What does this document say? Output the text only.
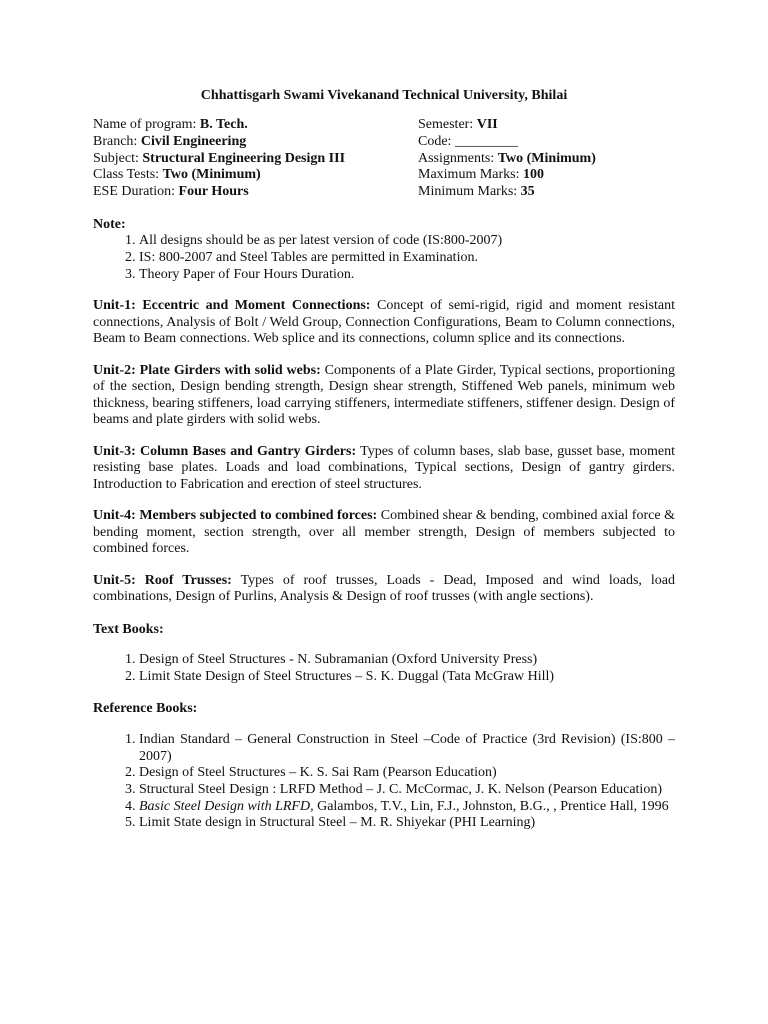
Chhattisgarh Swami Vivekanand Technical University, Bhilai
Name of program: B. Tech.
Branch: Civil Engineering
Subject: Structural Engineering Design III
Class Tests: Two (Minimum)
ESE Duration: Four Hours
Semester: VII
Code: _________
Assignments: Two (Minimum)
Maximum Marks: 100
Minimum Marks: 35
Note:
1. All designs should be as per latest version of code (IS:800-2007)
2. IS: 800-2007 and Steel Tables are permitted in Examination.
3. Theory Paper of Four Hours Duration.
Unit-1: Eccentric and Moment Connections: Concept of semi-rigid, rigid and moment resistant connections, Analysis of Bolt / Weld Group, Connection Configurations, Beam to Column connections, Beam to Beam connections. Web splice and its connections, column splice and its connections.
Unit-2: Plate Girders with solid webs: Components of a Plate Girder, Typical sections, proportioning of the section, Design bending strength, Design shear strength, Stiffened Web panels, minimum web thickness, bearing stiffeners, load carrying stiffeners, intermediate stiffeners, stiffener design. Design of beams and plate girders with solid webs.
Unit-3: Column Bases and Gantry Girders: Types of column bases, slab base, gusset base, moment resisting base plates. Loads and load combinations, Typical sections, Design of gantry girders. Introduction to Fabrication and erection of steel structures.
Unit-4: Members subjected to combined forces: Combined shear & bending, combined axial force & bending moment, section strength, over all member strength, Design of members subjected to combined forces.
Unit-5: Roof Trusses: Types of roof trusses, Loads - Dead, Imposed and wind loads, load combinations, Design of Purlins, Analysis & Design of roof trusses (with angle sections).
Text Books:
1. Design of Steel Structures - N. Subramanian (Oxford University Press)
2. Limit State Design of Steel Structures – S. K. Duggal (Tata McGraw Hill)
Reference Books:
1. Indian Standard – General Construction in Steel –Code of Practice (3rd Revision) (IS:800 – 2007)
2. Design of Steel Structures – K. S. Sai Ram (Pearson Education)
3. Structural Steel Design : LRFD Method – J. C. McCormac, J. K. Nelson (Pearson Education)
4. Basic Steel Design with LRFD, Galambos, T.V., Lin, F.J., Johnston, B.G., , Prentice Hall, 1996
5. Limit State design in Structural Steel – M. R. Shiyekar (PHI Learning)
